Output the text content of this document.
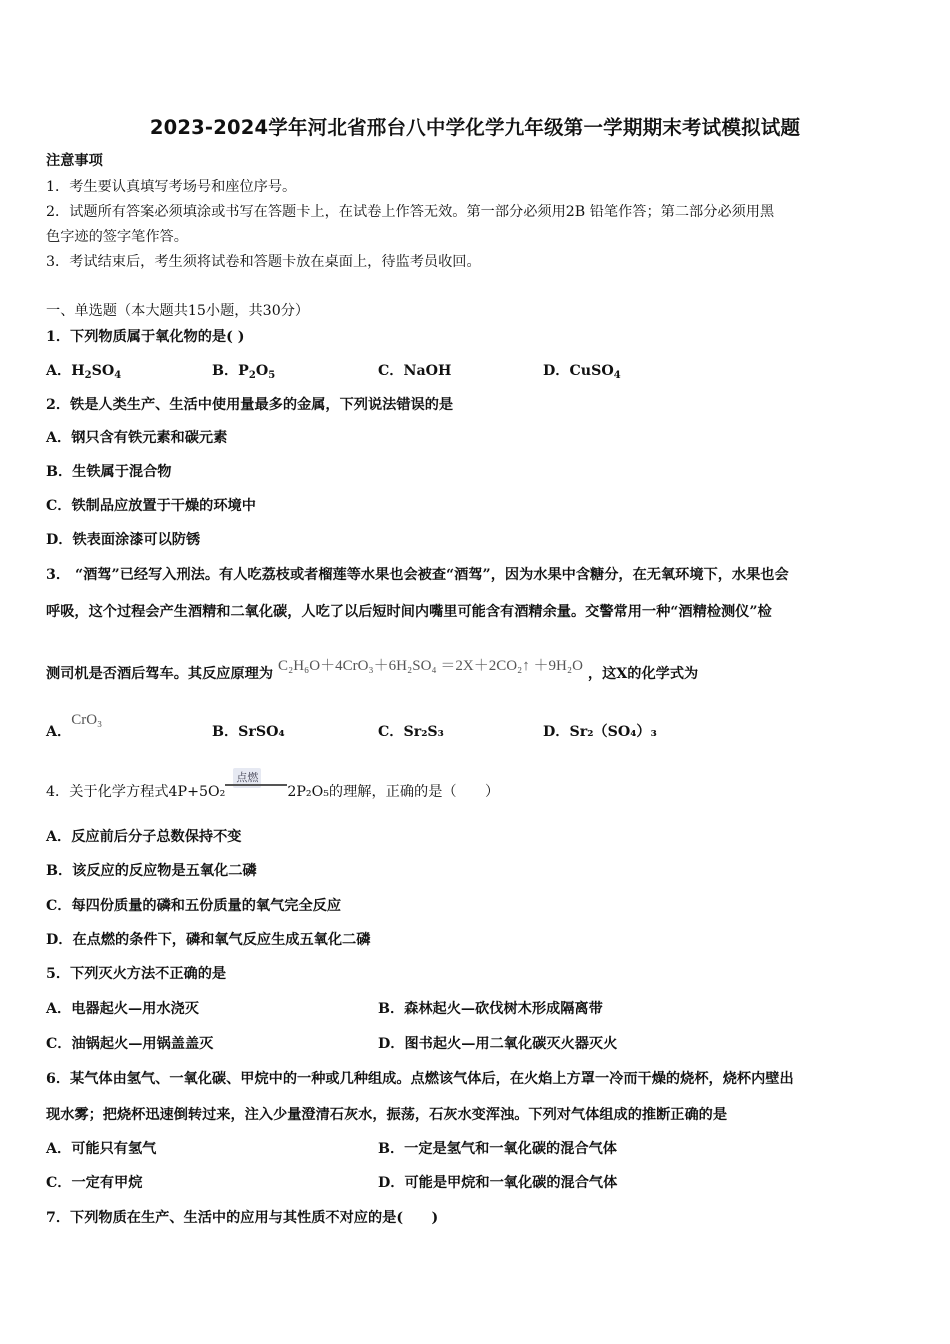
2023-2024学年河北省邢台八中学化学九年级第一学期期末考试模拟试题
注意事项
1．考生要认真填写考场号和座位序号。
2．试题所有答案必须填涂或书写在答题卡上，在试卷上作答无效。第一部分必须用2B 铅笔作答；第二部分必须用黑
色字迹的签字笔作答。
3．考试结束后，考生须将试卷和答题卡放在桌面上，待监考员收回。
一、单选题（本大题共15小题，共30分）
1．下列物质属于氧化物的是( )
A．$H_2SO_4$	B．$P_2O_5$	C．NaOH	D．CuSO$_4$
2．铁是人类生产、生活中使用量最多的金属，下列说法错误的是
A．钢只含有铁元素和碳元素
B．生铁属于混合物
C．铁制品应放置于干燥的环境中
D．铁表面涂漆可以防锈
3． “酒驾”已经写入刑法。有人吃荔枝或者榴莲等水果也会被查“酒驾”，因为水果中含糖分，在无氧环境下，水果也会
呼吸，这个过程会产生酒精和二氧化碳，人吃了以后短时间内嘴里可能含有酒精余量。交警常用一种“酒精检测仪”检
测司机是否酒后驾车。其反应原理为 C₂H₆O＋4CrO₃＋6H₂SO₄ ＝2X＋2CO₂↑ ＋9H₂O ，这X的化学式为
A．CrO₃
B．SrSO₄	C．Sr₂S₃	D．Sr₂（SO₄）₃
4．关于化学方程式4P+5O₂
点燃
2P₂O₅的理解，正确的是（　　）
A．反应前后分子总数保持不变
B．该反应的反应物是五氧化二磷
C．每四份质量的磷和五份质量的氧气完全反应
D．在点燃的条件下，磷和氧气反应生成五氧化二磷
5．下列灭火方法不正确的是
A．电器起火—用水浇灭	B．森林起火—砍伐树木形成隔离带
C．油锅起火—用锅盖盖灭	D．图书起火—用二氧化碳灭火器灭火
6．某气体由氢气、一氧化碳、甲烷中的一种或几种组成。点燃该气体后，在火焰上方罩一冷而干燥的烧杯，烧杯内壁出
现水雾；把烧杯迅速倒转过来，注入少量澄清石灰水，振荡，石灰水变浑浊。下列对气体组成的推断正确的是
A．可能只有氢气	B．一定是氢气和一氧化碳的混合气体
C．一定有甲烷	D．可能是甲烷和一氧化碳的混合气体
7．下列物质在生产、生活中的应用与其性质不对应的是(　　)
